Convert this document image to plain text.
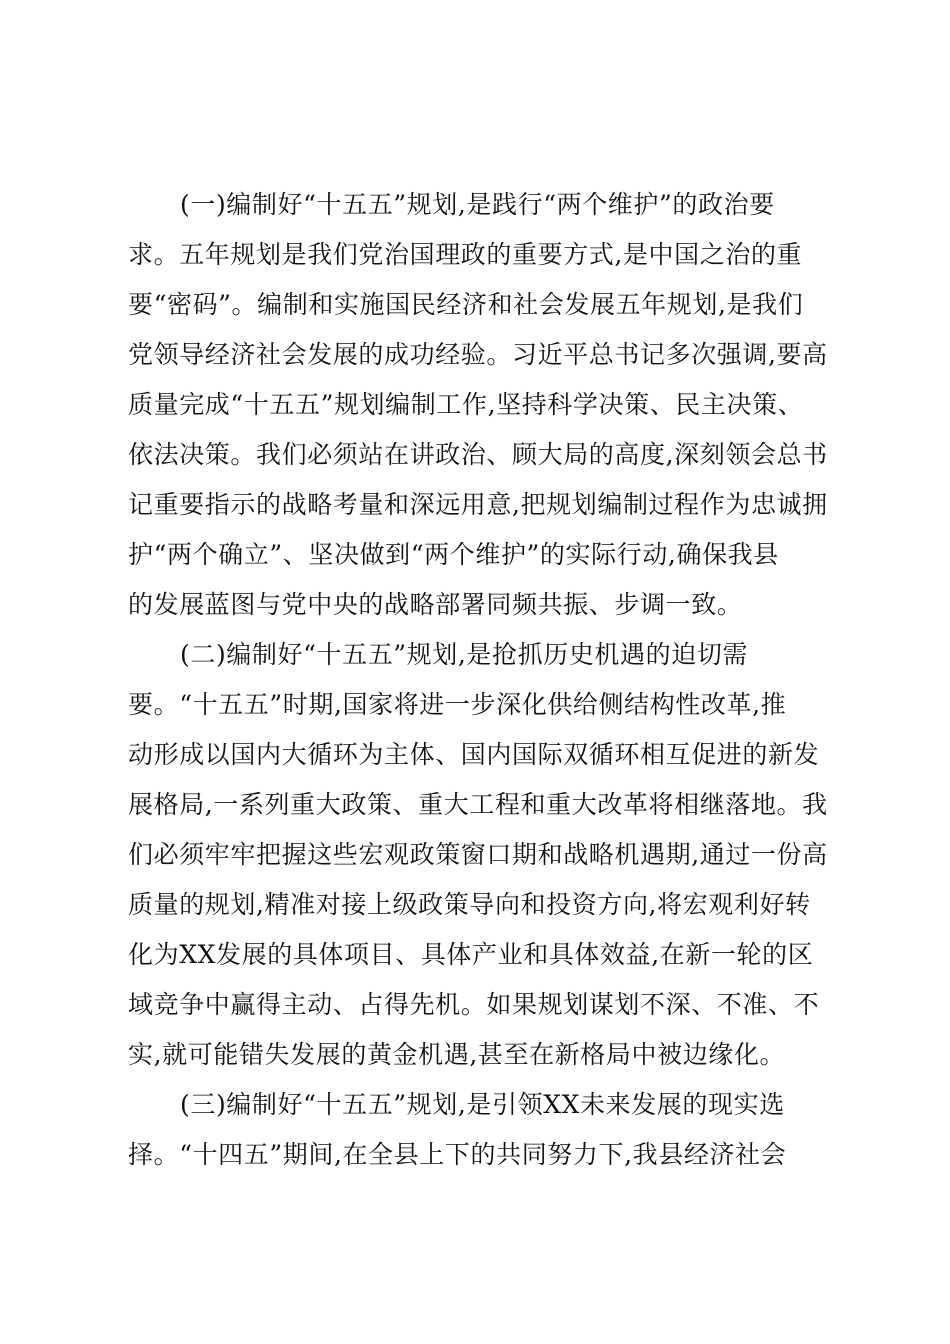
(一)编制好“十五五”规划,是践行“两个维护”的政治要
求。五年规划是我们党治国理政的重要方式,是中国之治的重
要“密码”。编制和实施国民经济和社会发展五年规划,是我们
党领导经济社会发展的成功经验。习近平总书记多次强调,要高
质量完成“十五五”规划编制工作,坚持科学决策、民主决策、
依法决策。我们必须站在讲政治、顾大局的高度,深刻领会总书
记重要指示的战略考量和深远用意,把规划编制过程作为忠诚拥
护“两个确立”、坚决做到“两个维护”的实际行动,确保我县
的发展蓝图与党中央的战略部署同频共振、步调一致。
(二)编制好“十五五”规划,是抢抓历史机遇的迫切需
要。“十五五”时期,国家将进一步深化供给侧结构性改革,推
动形成以国内大循环为主体、国内国际双循环相互促进的新发
展格局,一系列重大政策、重大工程和重大改革将相继落地。我
们必须牢牢把握这些宏观政策窗口期和战略机遇期,通过一份高
质量的规划,精准对接上级政策导向和投资方向,将宏观利好转
化为XX发展的具体项目、具体产业和具体效益,在新一轮的区
域竞争中赢得主动、占得先机。如果规划谋划不深、不准、不
实,就可能错失发展的黄金机遇,甚至在新格局中被边缘化。
(三)编制好“十五五”规划,是引领XX未来发展的现实选
择。“十四五”期间,在全县上下的共同努力下,我县经济社会
